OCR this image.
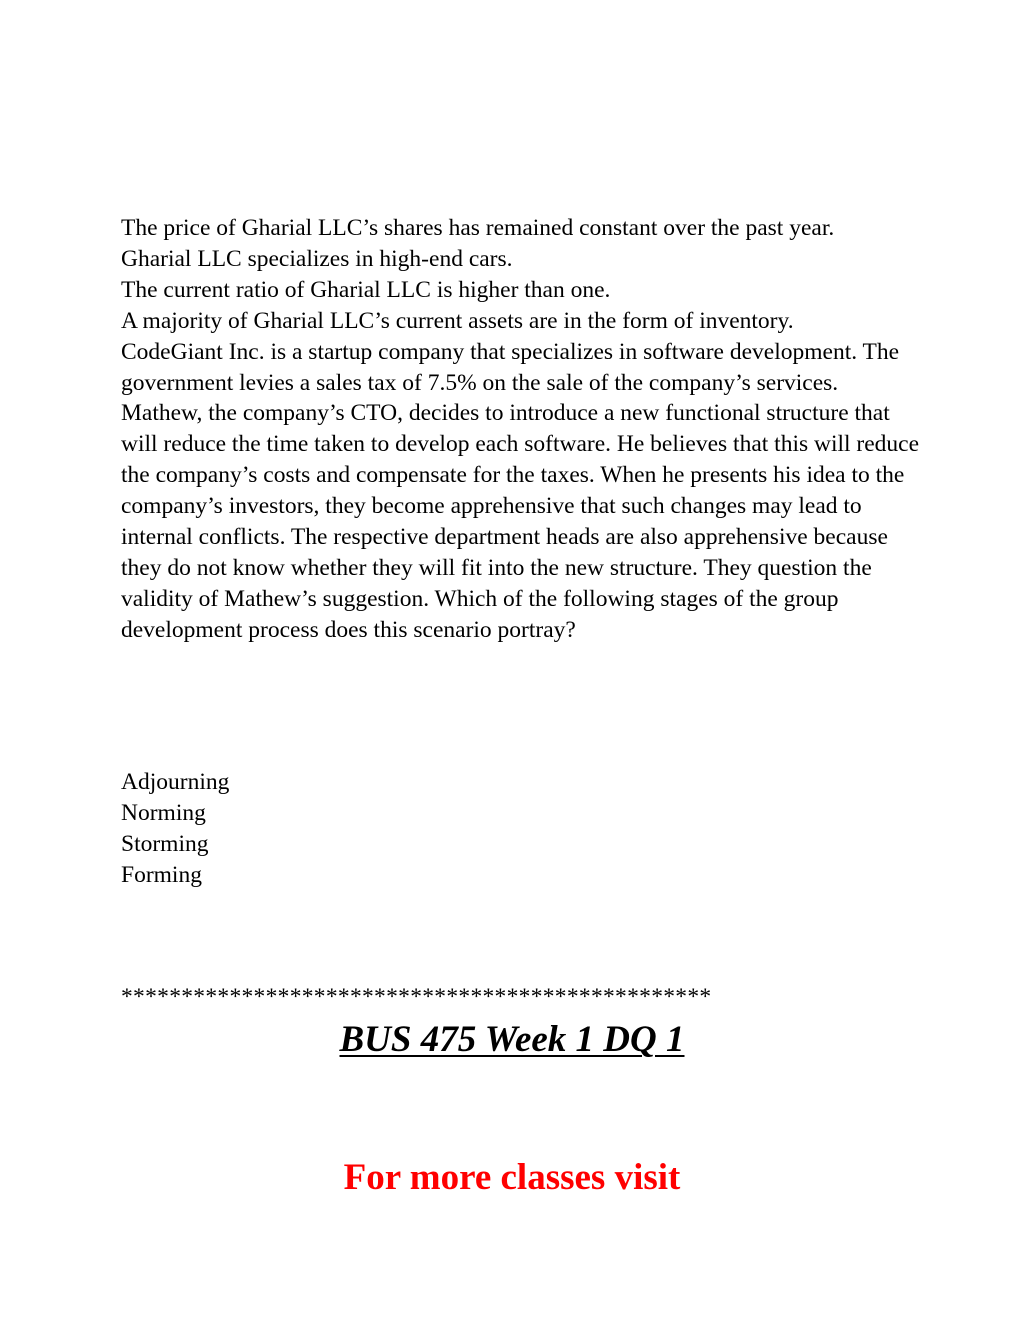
The price of Gharial LLC’s shares has remained constant over the past year.

Gharial LLC specializes in high-end cars.

The current ratio of Gharial LLC is higher than one.

A majority of Gharial LLC’s current assets are in the form of inventory.

CodeGiant Inc. is a startup company that specializes in software development. The government levies a sales tax of 7.5% on the sale of the company’s services. Mathew, the company’s CTO, decides to introduce a new functional structure that will reduce the time taken to develop each software. He believes that this will reduce the company’s costs and compensate for the taxes. When he presents his idea to the company’s investors, they become apprehensive that such changes may lead to internal conflicts. The respective department heads are also apprehensive because they do not know whether they will fit into the new structure. They question the validity of Mathew’s suggestion. Which of the following stages of the group development process does this scenario portray?

Adjourning
Norming
Storming
Forming
*************************************************
BUS 475 Week 1 DQ 1
For more classes visit
